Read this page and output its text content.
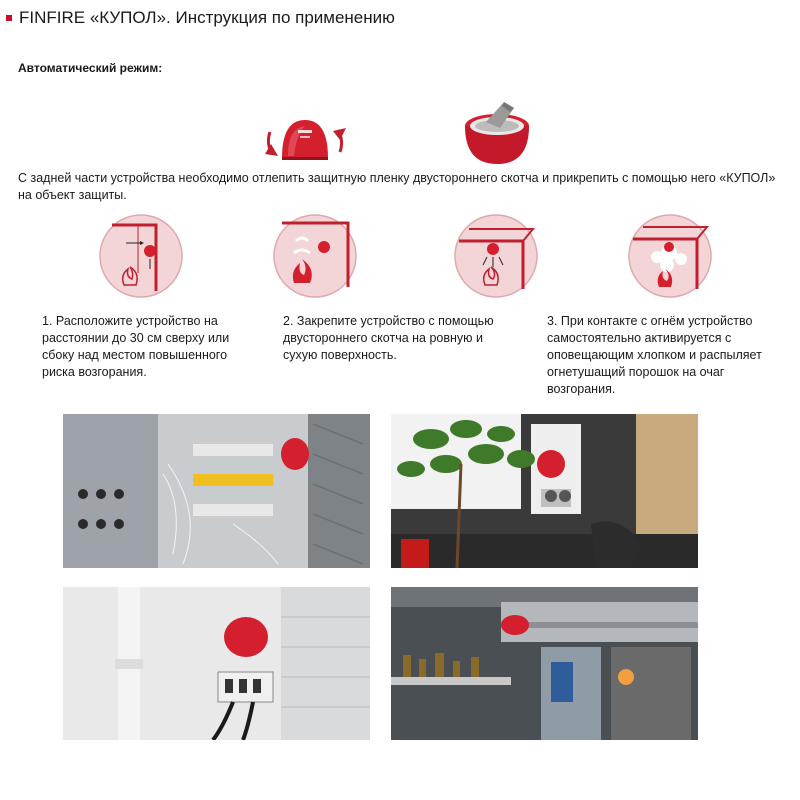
FINFIRE «КУПОЛ». Инструкция по применению
Автоматический режим:
С задней части устройства необходимо отлепить защитную пленку двустороннего скотча и прикрепить с помощью него «КУПОЛ» на объект защиты.
1. Расположите устройство на расстоянии до 30 см сверху или сбоку над местом повышенного риска возгорания.
2. Закрепите устройство с помощью двустороннего скотча на ровную и сухую поверхность.
3. При контакте с огнём устройство самостоятельно активируется с оповещающим хлопком и распыляет огнетушащий порошок на очаг возгорания.
